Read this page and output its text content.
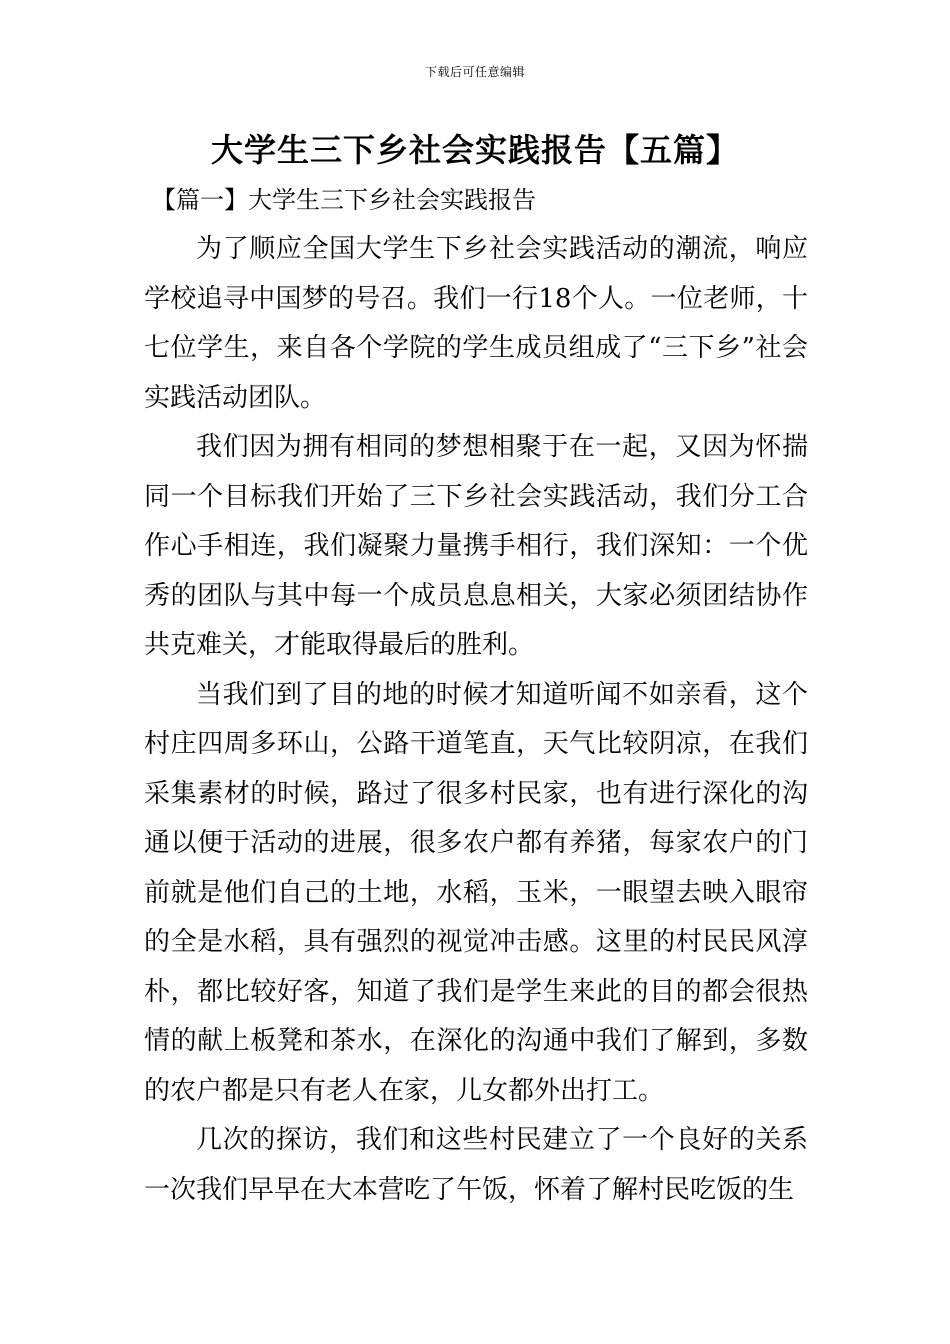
下载后可任意编辑
大学生三下乡社会实践报告【五篇】
【篇一】大学生三下乡社会实践报告

为了顺应全国大学生下乡社会实践活动的潮流，响应学校追寻中国梦的号召。我们一行18个人。一位老师，十七位学生，来自各个学院的学生成员组成了“三下乡”社会实践活动团队。

我们因为拥有相同的梦想相聚于在一起，又因为怀揣同一个目标我们开始了三下乡社会实践活动，我们分工合作心手相连，我们凝聚力量携手相行，我们深知：一个优秀的团队与其中每一个成员息息相关，大家必须团结协作共克难关，才能取得最后的胜利。

当我们到了目的地的时候才知道听闻不如亲看，这个村庄四周多环山，公路干道笔直，天气比较阴凉，在我们采集素材的时候，路过了很多村民家，也有进行深化的沟通以便于活动的进展，很多农户都有养猪，每家农户的门前就是他们自己的土地，水稻，玉米，一眼望去映入眼帘的全是水稻，具有强烈的视觉冲击感。这里的村民民风淳朴，都比较好客，知道了我们是学生来此的目的都会很热情的献上板凳和茶水，在深化的沟通中我们了解到，多数的农户都是只有老人在家，儿女都外出打工。

几次的探访，我们和这些村民建立了一个良好的关系一次我们早早在大本营吃了午饭，怀着了解村民吃饭的生
